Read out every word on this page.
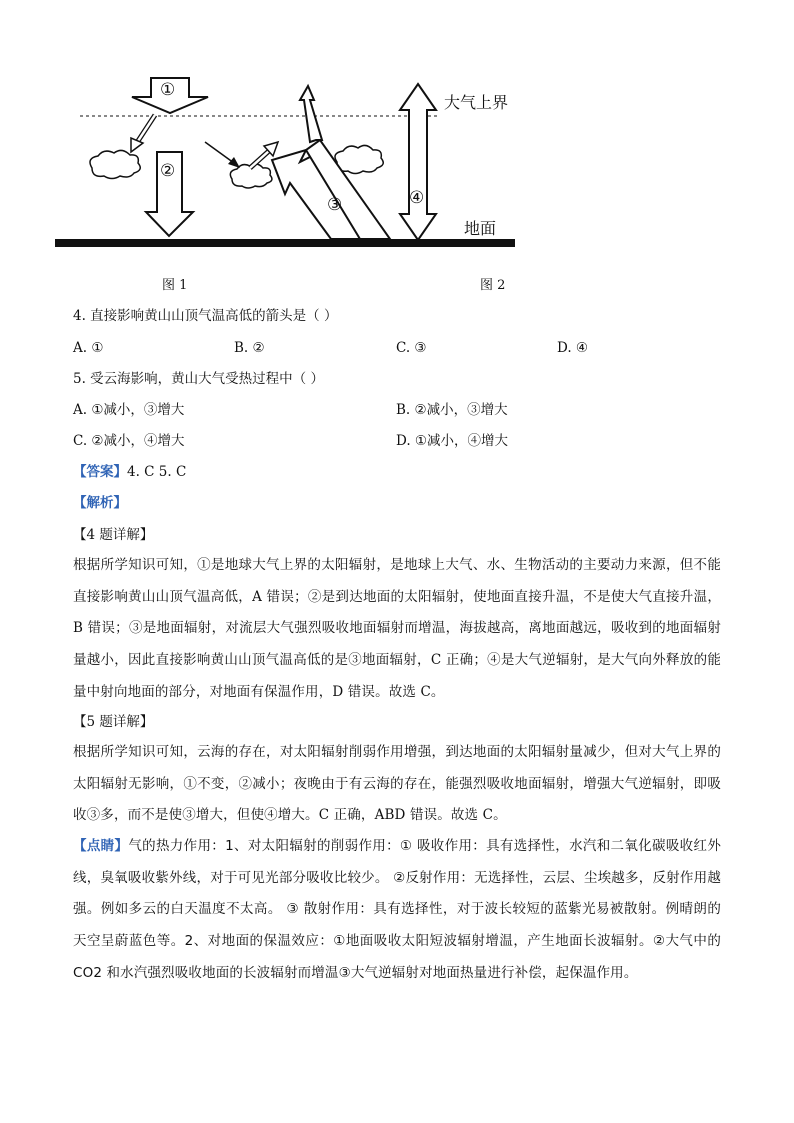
①
②
③	④
大气上界
地面
图 1	图 2
4. 直接影响黄山山顶气温高低的箭头是（ ）
A. ①	B. ②	C. ③	D. ④
5. 受云海影响，黄山大气受热过程中（ ）
A. ①减小，③增大	B. ②减小，③增大
C. ②减小，④增大	D. ①减小，④增大
【答案】4. C 5. C
【解析】
【4 题详解】
根据所学知识可知，①是地球大气上界的太阳辐射，是地球上大气、水、生物活动的主要动力来源，但不能直接影响黄山山顶气温高低，A 错误；②是到达地面的太阳辐射，使地面直接升温，不是使大气直接升温，B 错误；③是地面辐射，对流层大气强烈吸收地面辐射而增温，海拔越高，离地面越远，吸收到的地面辐射量越小，因此直接影响黄山山顶气温高低的是③地面辐射，C 正确；④是大气逆辐射，是大气向外释放的能量中射向地面的部分，对地面有保温作用，D 错误。故选 C。
【5 题详解】
根据所学知识可知，云海的存在，对太阳辐射削弱作用增强，到达地面的太阳辐射量减少，但对大气上界的太阳辐射无影响，①不变，②减小；夜晚由于有云海的存在，能强烈吸收地面辐射，增强大气逆辐射，即吸收③多，而不是使③增大，但使④增大。C 正确，ABD 错误。故选 C。
【点睛】气的热力作用：1、对太阳辐射的削弱作用：① 吸收作用：具有选择性，水汽和二氧化碳吸收红外线，臭氧吸收紫外线，对于可见光部分吸收比较少。 ②反射作用：无选择性，云层、尘埃越多，反射作用越强。例如多云的白天温度不太高。 ③ 散射作用：具有选择性，对于波长较短的蓝紫光易被散射。例晴朗的天空呈蔚蓝色等。2、对地面的保温效应：①地面吸收太阳短波辐射增温，产生地面长波辐射。②大气中的 CO2 和水汽强烈吸收地面的长波辐射而增温③大气逆辐射对地面热量进行补偿，起保温作用。
